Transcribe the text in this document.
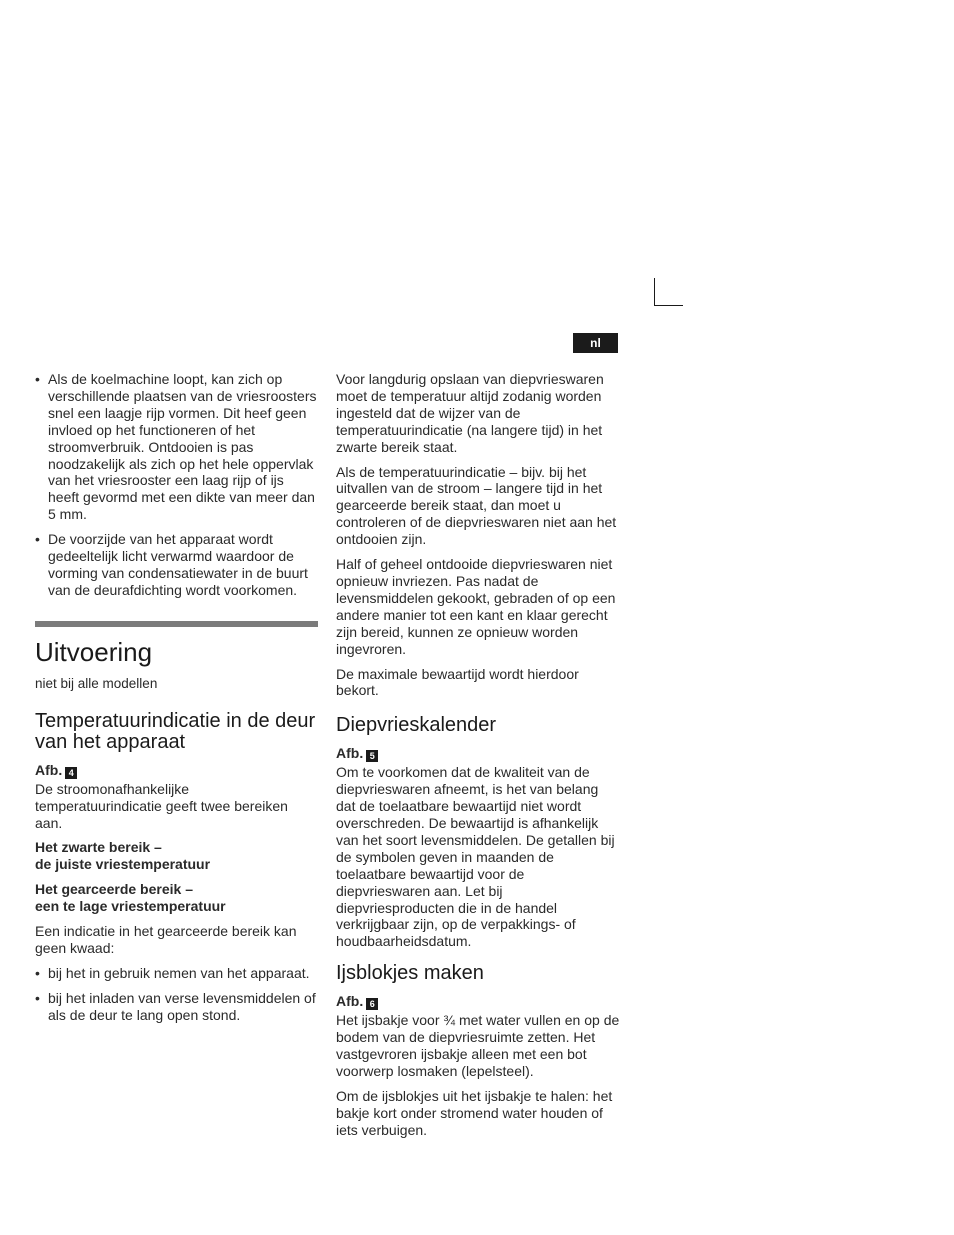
nl
• Als de koelmachine loopt, kan zich op verschillende plaatsen van de vriesroosters snel een laagje rijp vormen. Dit heef geen invloed op het functioneren of het stroomverbruik. Ontdooien is pas noodzakelijk als zich op het hele oppervlak van het vriesrooster een laag rijp of ijs heeft gevormd met een dikte van meer dan 5 mm.

• De voorzijde van het apparaat wordt gedeeltelijk licht verwarmd waardoor de vorming van condensatiewater in de buurt van de deurafdichting wordt voorkomen.

Uitvoering

niet bij alle modellen

Temperatuurindicatie in de deur van het apparaat

Afb. 4

De stroomonafhankelijke temperatuurindicatie geeft twee bereiken aan.

Het zwarte bereik –

de juiste vriestemperatuur

Het gearceerde bereik –

een te lage vriestemperatuur

Een indicatie in het gearceerde bereik kan geen kwaad:

• bij het in gebruik nemen van het apparaat.

• bij het inladen van verse levensmiddelen of als de deur te lang open stond.

Voor langdurig opslaan van diepvrieswaren moet de temperatuur altijd zodanig worden ingesteld dat de wijzer van de temperatuurindicatie (na langere tijd) in het zwarte bereik staat.

Als de temperatuurindicatie – bijv. bij het uitvallen van de stroom – langere tijd in het gearceerde bereik staat, dan moet u controleren of de diepvrieswaren niet aan het ontdooien zijn.

Half of geheel ontdooide diepvrieswaren niet opnieuw invriezen. Pas nadat de levensmiddelen gekookt, gebraden of op een andere manier tot een kant en klaar gerecht zijn bereid, kunnen ze opnieuw worden ingevroren.

De maximale bewaartijd wordt hierdoor bekort.

Diepvrieskalender

Afb. 5

Om te voorkomen dat de kwaliteit van de diepvrieswaren afneemt, is het van belang dat de toelaatbare bewaartijd niet wordt overschreden. De bewaartijd is afhankelijk van het soort levensmiddelen. De getallen bij de symbolen geven in maanden de toelaatbare bewaartijd voor de diepvrieswaren aan. Let bij diepvriesproducten die in de handel verkrijgbaar zijn, op de verpakkings- of houdbaarheidsdatum.

Ijsblokjes maken

Afb. 6

Het ijsbakje voor ¾ met water vullen en op de bodem van de diepvriesruimte zetten. Het vastgevroren ijsbakje alleen met een bot voorwerp losmaken (lepelsteel).

Om de ijsblokjes uit het ijsbakje te halen: het bakje kort onder stromend water houden of iets verbuigen.
